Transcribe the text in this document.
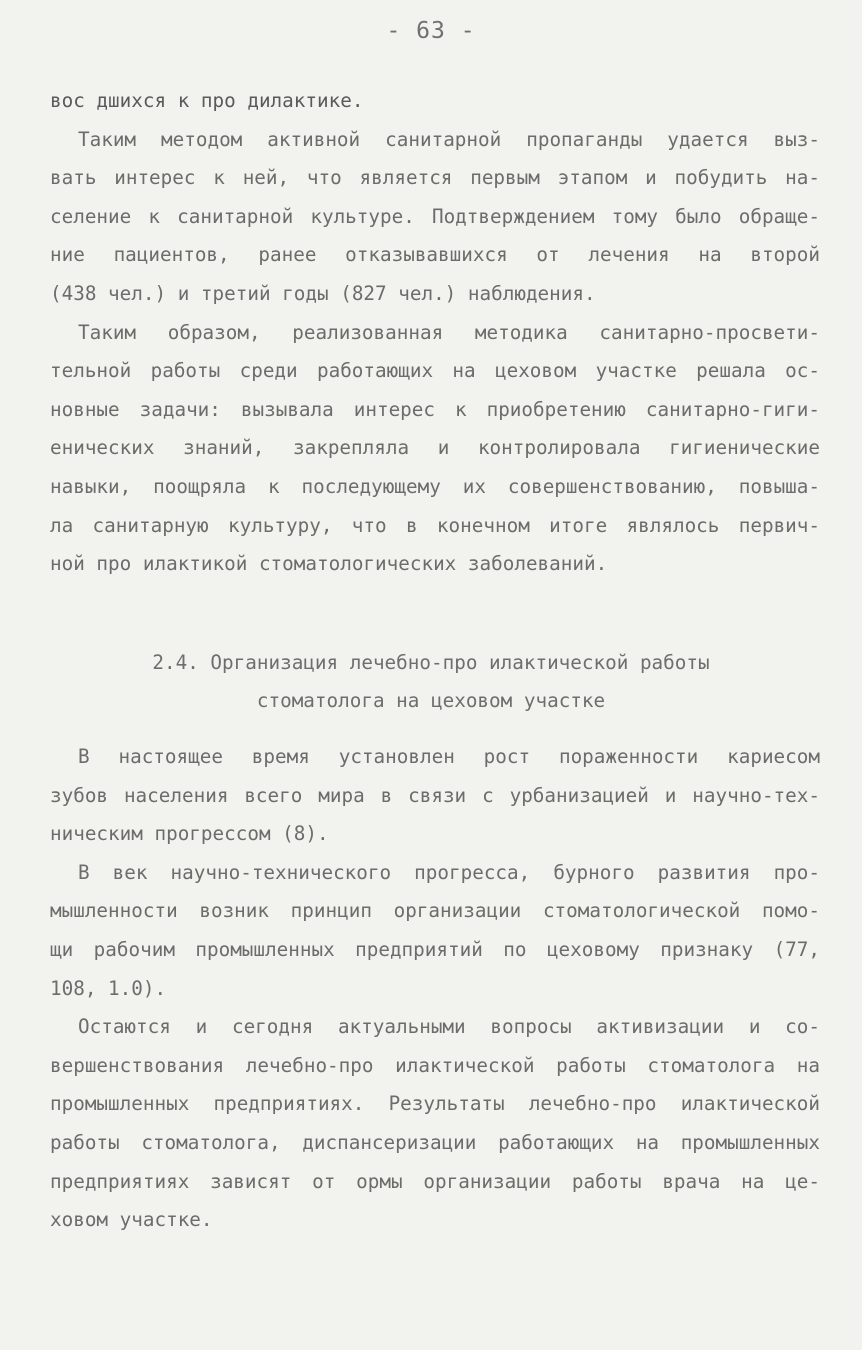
- 63 -
вос дшихся к про дилактике.
Таким методом активной санитарной пропаганды удается выз-
вать интерес к ней, что является первым этапом и побудить на-
селение к санитарной культуре. Подтверждением тому было обраще-
ние пациентов, ранее отказывавшихся от лечения на второй
(438 чел.) и третий годы (827 чел.) наблюдения.
Таким образом, реализованная методика санитарно-просвети-
тельной работы среди работающих на цеховом участке решала ос-
новные задачи: вызывала интерес к приобретению санитарно-гиги-
енических знаний, закрепляла и контролировала гигиенические
навыки, поощряла к последующему их совершенствованию, повыша-
ла санитарную культуру, что в конечном итоге являлось первич-
ной про илактикой стоматологических заболеваний.
2.4. Организация лечебно-про илактической работы
стоматолога на цеховом участке
В настоящее время установлен рост пораженности кариесом
зубов населения всего мира в связи с урбанизацией и научно-тех-
ническим прогрессом (8).
В век научно-технического прогресса, бурного развития про-
мышленности возник принцип организации стоматологической помо-
щи рабочим промышленных предприятий по цеховому признаку (77,
108, 1.0).
Остаются и сегодня актуальными вопросы активизации и со-
вершенствования лечебно-про илактической работы стоматолога на
промышленных предприятиях. Результаты лечебно-про илактической
работы стоматолога, диспансеризации работающих на промышленных
предприятиях зависят от ормы организации работы врача на це-
ховом участке.
